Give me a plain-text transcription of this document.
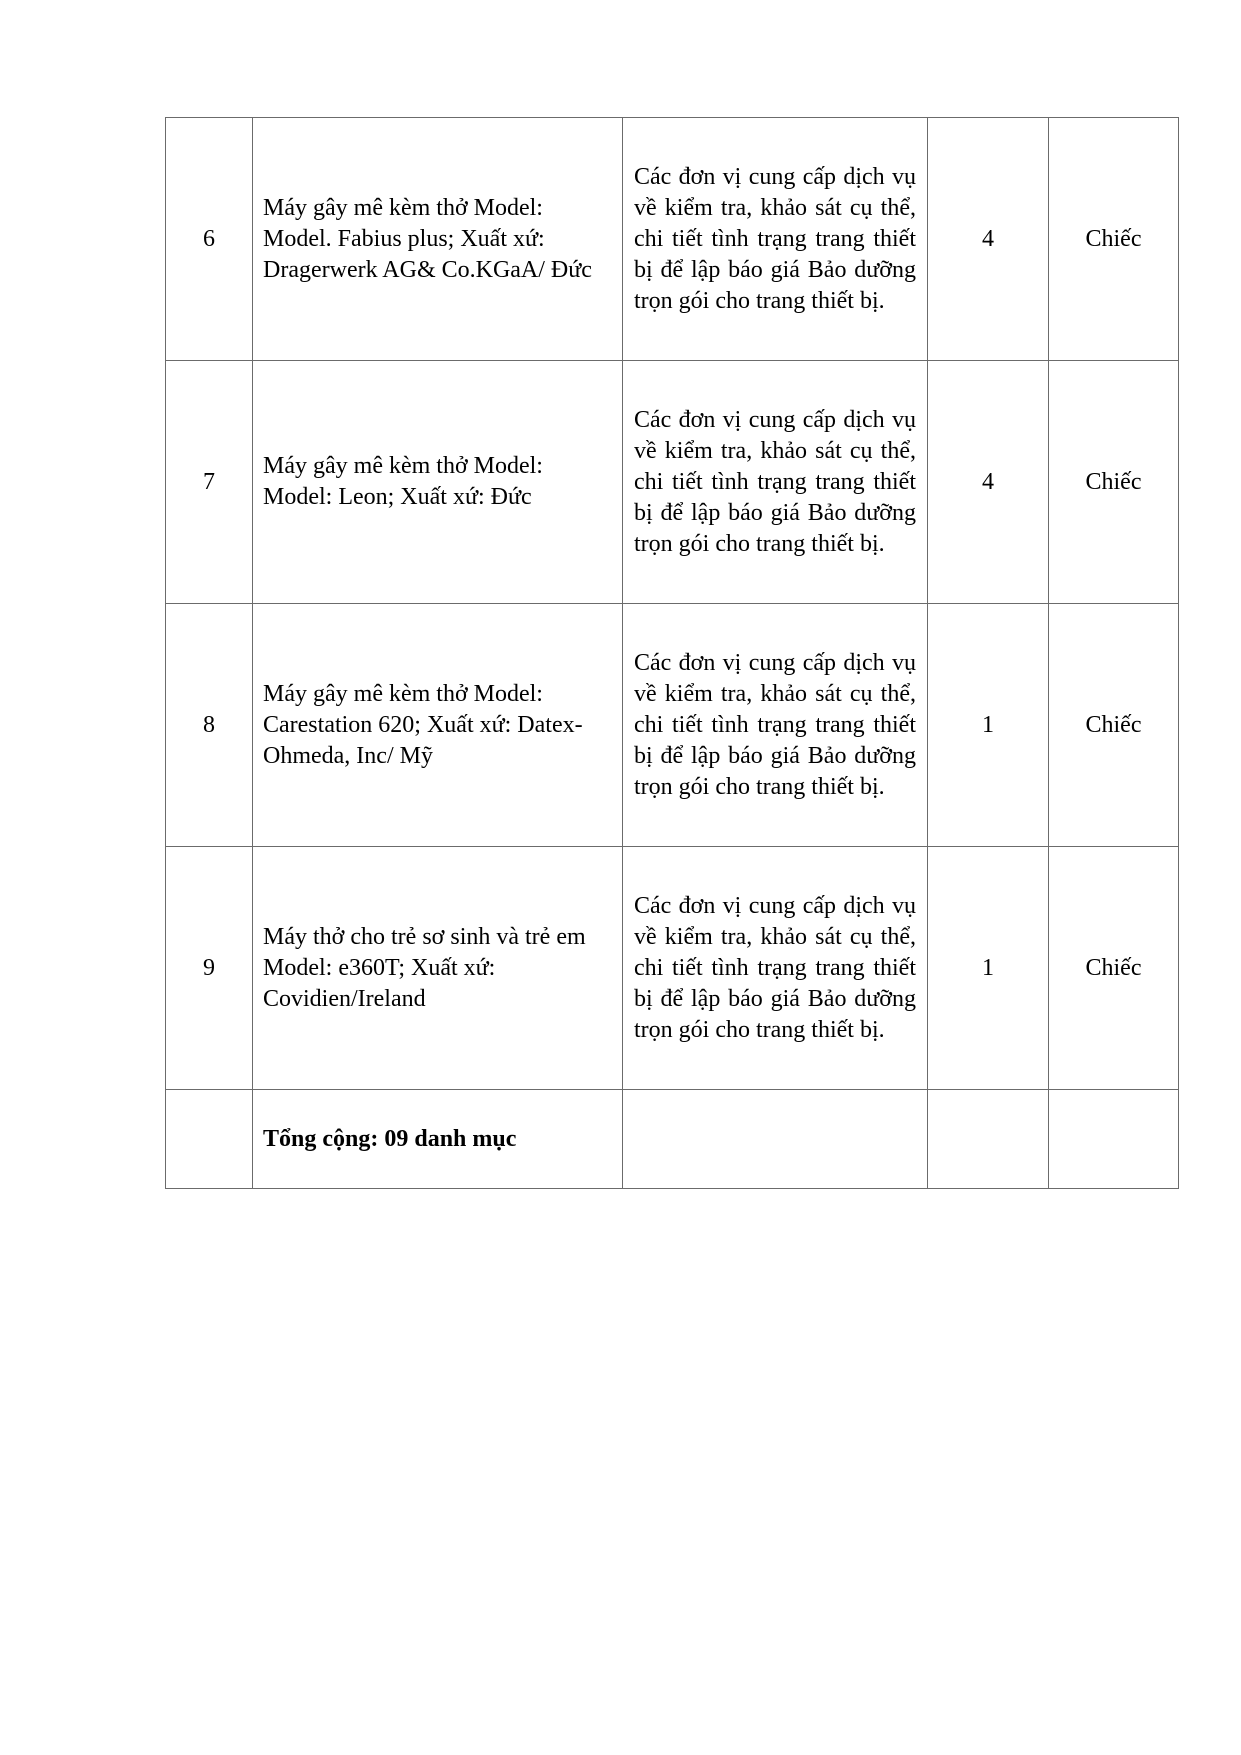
6	Máy gây mê kèm thở Model: Model. Fabius plus; Xuất xứ: Dragerwerk AG& Co.KGaA/ Đức	Các đơn vị cung cấp dịch vụ về kiểm tra, khảo sát cụ thể, chi tiết tình trạng trang thiết bị để lập báo giá Bảo dưỡng trọn gói cho trang thiết bị.	4	Chiếc
7	Máy gây mê kèm thở Model: Model: Leon; Xuất xứ: Đức	Các đơn vị cung cấp dịch vụ về kiểm tra, khảo sát cụ thể, chi tiết tình trạng trang thiết bị để lập báo giá Bảo dưỡng trọn gói cho trang thiết bị.	4	Chiếc
8	Máy gây mê kèm thở Model: Carestation 620; Xuất xứ: Datex-Ohmeda, Inc/ Mỹ	Các đơn vị cung cấp dịch vụ về kiểm tra, khảo sát cụ thể, chi tiết tình trạng trang thiết bị để lập báo giá Bảo dưỡng trọn gói cho trang thiết bị.	1	Chiếc
9	Máy thở cho trẻ sơ sinh và trẻ em Model: e360T; Xuất xứ: Covidien/Ireland	Các đơn vị cung cấp dịch vụ về kiểm tra, khảo sát cụ thể, chi tiết tình trạng trang thiết bị để lập báo giá Bảo dưỡng trọn gói cho trang thiết bị.	1	Chiếc
	Tổng cộng: 09 danh mục			
